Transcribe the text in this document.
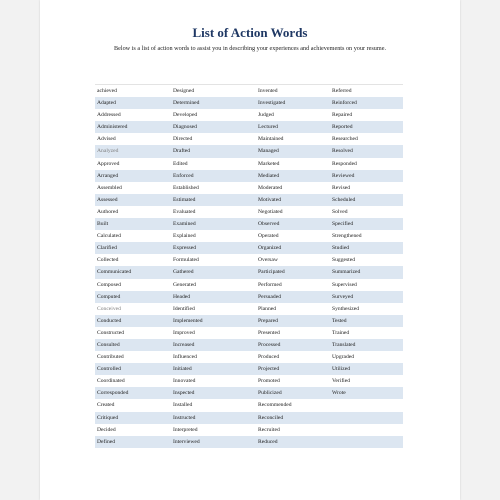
List of Action Words

Below is a list of action words to assist you in describing your experiences and achievements on your resume.

achieved	Designed	Invented	Referred
Adapted	Determined	Investigated	Reinforced
Addressed	Developed	Judged	Repaired
Administered	Diagnosed	Lectured	Reported
Advised	Directed	Maintained	Researched
Analyzed	Drafted	Managed	Resolved
Approved	Edited	Marketed	Responded
Arranged	Enforced	Mediated	Reviewed
Assembled	Established	Moderated	Revised
Assessed	Estimated	Motivated	Scheduled
Authored	Evaluated	Negotiated	Solved
Built	Examined	Observed	Specified
Calculated	Explained	Operated	Strengthened
Clarified	Expressed	Organized	Studied
Collected	Formulated	Oversaw	Suggested
Communicated	Gathered	Participated	Summarized
Composed	Generated	Performed	Supervised
Computed	Headed	Persuaded	Surveyed
Conceived	Identified	Planned	Synthesized
Conducted	Implemented	Prepared	Tested
Constructed	Improved	Presented	Trained
Consulted	Increased	Processed	Translated
Contributed	Influenced	Produced	Upgraded
Controlled	Initiated	Projected	Utilized
Coordinated	Innovated	Promoted	Verified
Corresponded	Inspected	Publicized	Wrote
Created	Installed	Recommended	
Critiqued	Instructed	Reconciled	
Decided	Interpreted	Recruited	
Defined	Interviewed	Reduced	
